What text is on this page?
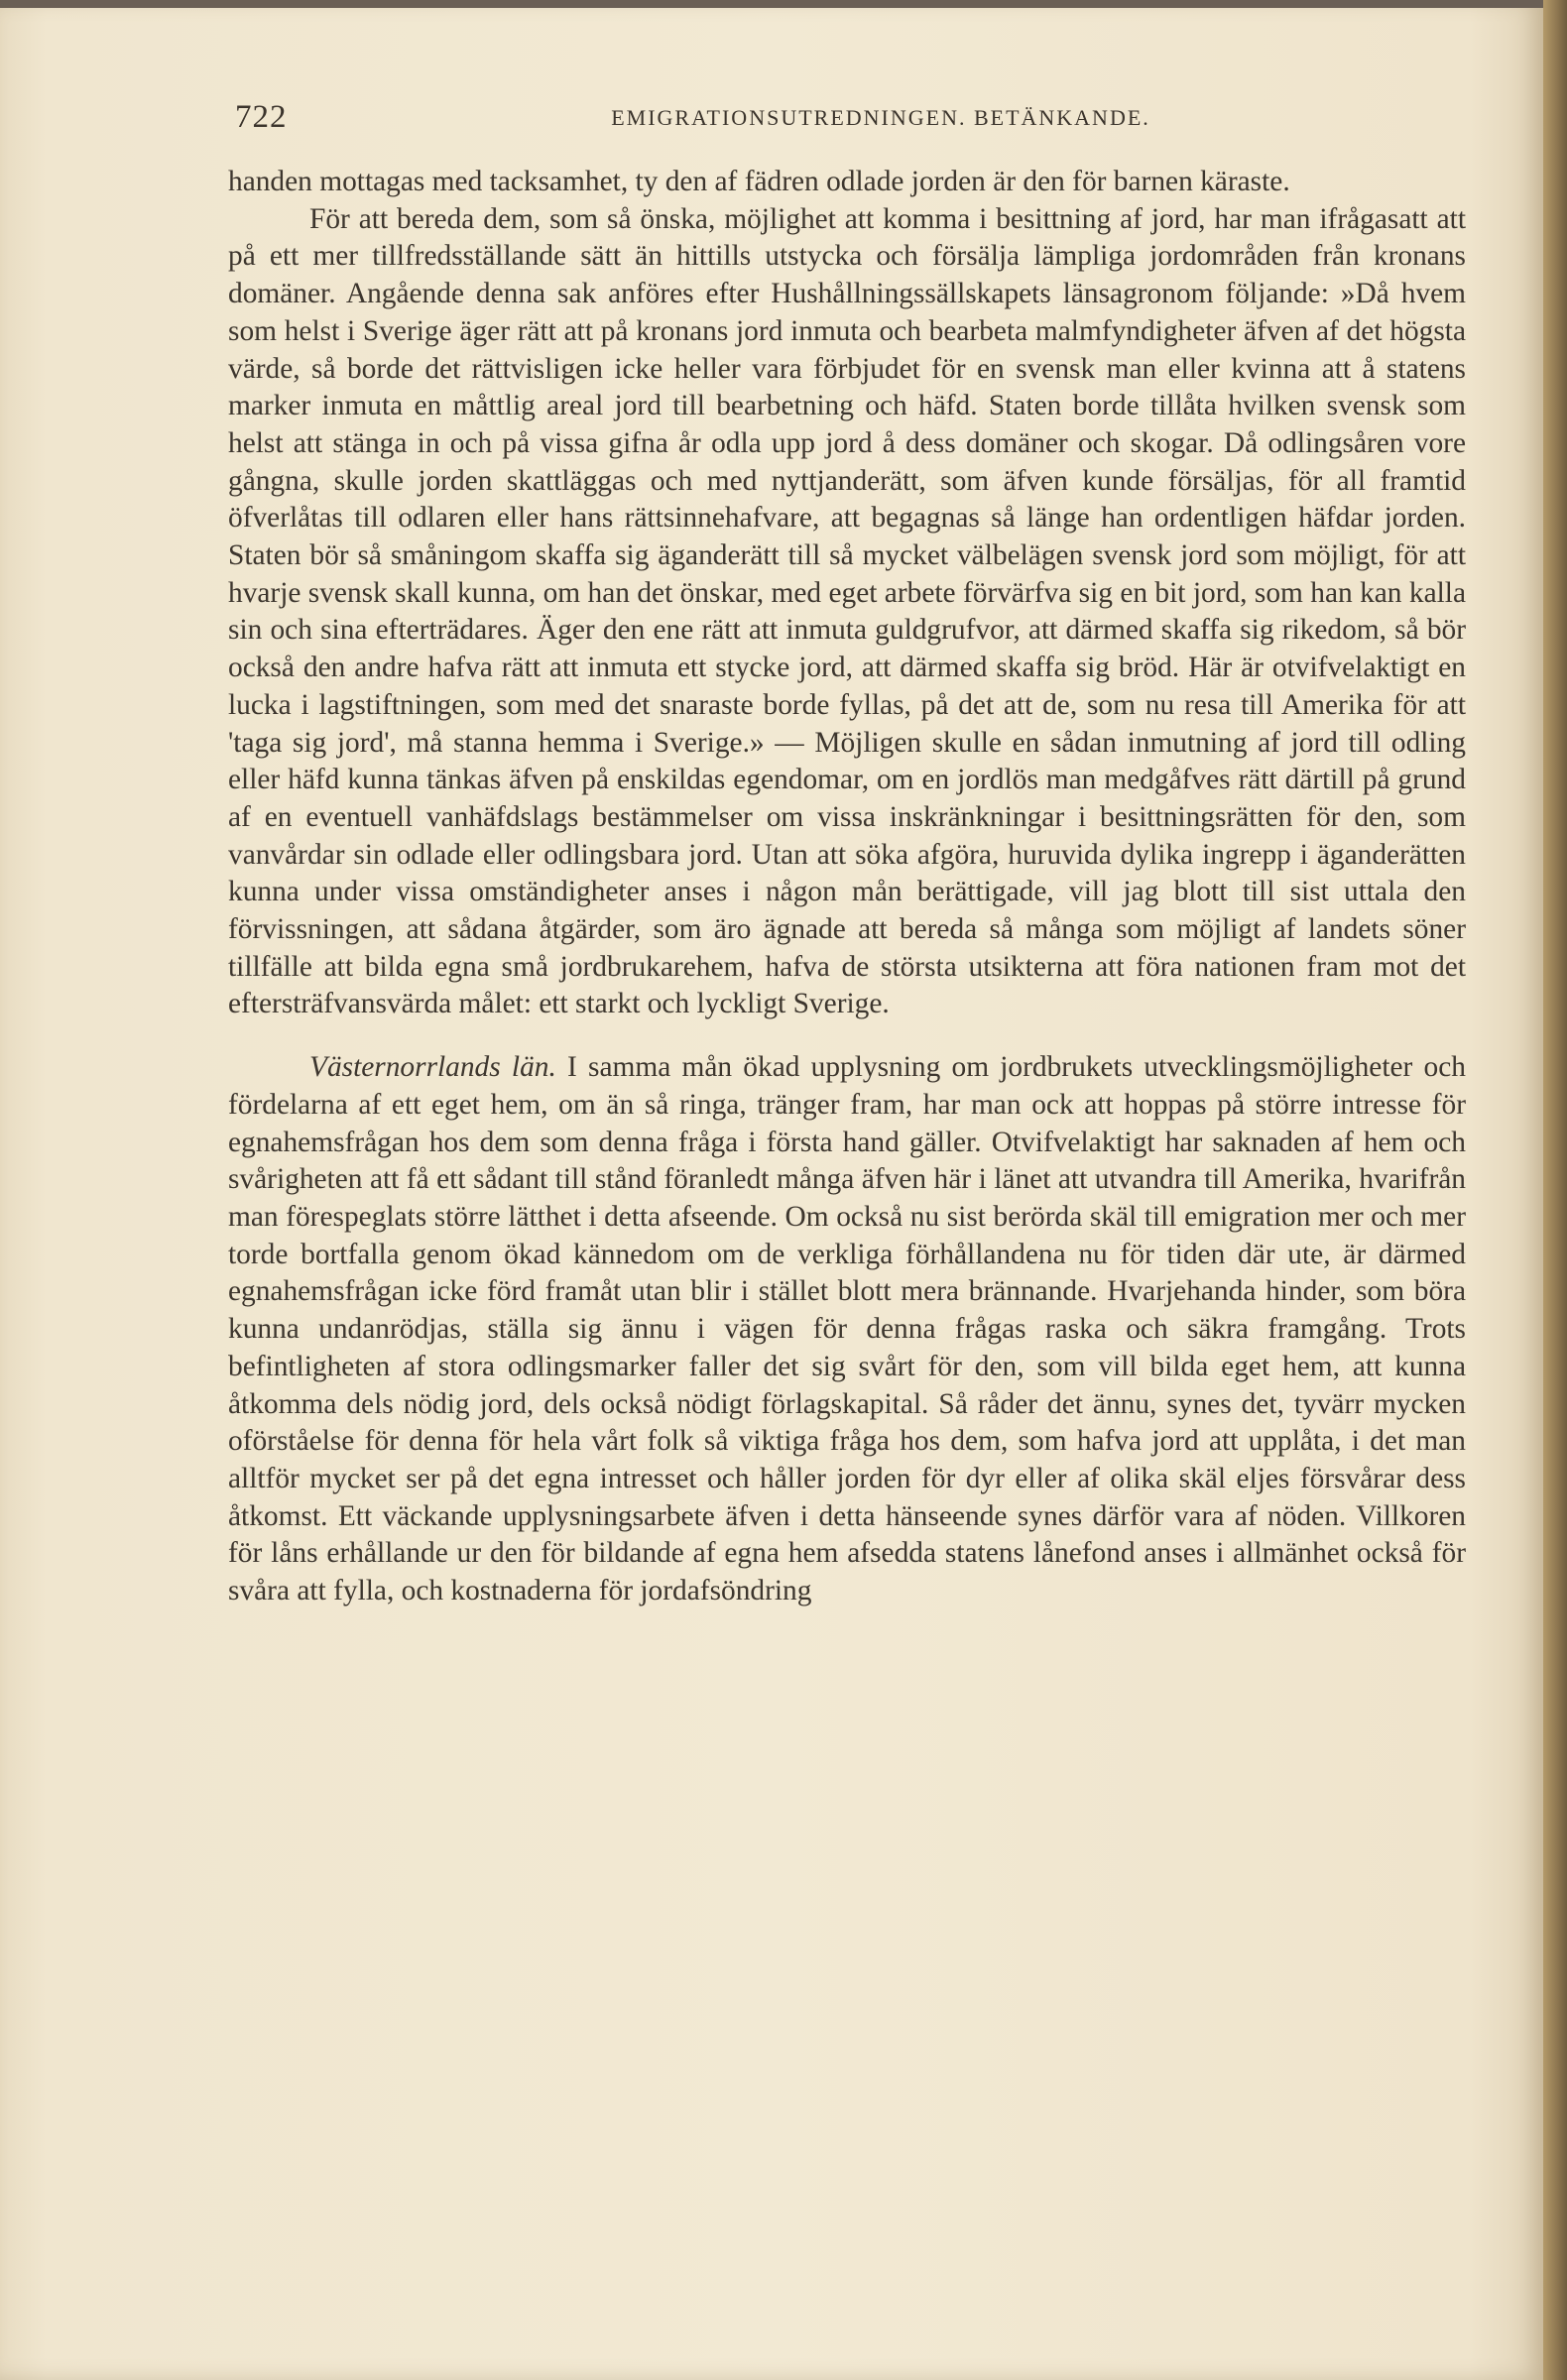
722	EMIGRATIONSUTREDNINGEN. BETÄNKANDE.

handen mottagas med tacksamhet, ty den af fädren odlade jorden är den för barnen käraste.

För att bereda dem, som så önska, möjlighet att komma i besittning af jord, har man ifrågasatt att på ett mer tillfredsställande sätt än hittills utstycka och försälja lämpliga jordområden från kronans domäner. Angående denna sak anföres efter Hushållningssällskapets länsagronom följande: »Då hvem som helst i Sverige äger rätt att på kronans jord inmuta och bearbeta malmfyndigheter äfven af det högsta värde, så borde det rättvisligen icke heller vara förbjudet för en svensk man eller kvinna att å statens marker inmuta en måttlig areal jord till bearbetning och häfd. Staten borde tillåta hvilken svensk som helst att stänga in och på vissa gifna år odla upp jord å dess domäner och skogar. Då odlingsåren vore gångna, skulle jorden skattläggas och med nyttjanderätt, som äfven kunde försäljas, för all framtid öfverlåtas till odlaren eller hans rättsinnehafvare, att begagnas så länge han ordentligen häfdar jorden. Staten bör så småningom skaffa sig äganderätt till så mycket välbelägen svensk jord som möjligt, för att hvarje svensk skall kunna, om han det önskar, med eget arbete förvärfva sig en bit jord, som han kan kalla sin och sina efterträdares. Äger den ene rätt att inmuta guldgrufvor, att därmed skaffa sig rikedom, så bör också den andre hafva rätt att inmuta ett stycke jord, att därmed skaffa sig bröd. Här är otvifvelaktigt en lucka i lagstiftningen, som med det snaraste borde fyllas, på det att de, som nu resa till Amerika för att 'taga sig jord', må stanna hemma i Sverige.» — Möjligen skulle en sådan inmutning af jord till odling eller häfd kunna tänkas äfven på enskildas egendomar, om en jordlös man medgåfves rätt därtill på grund af en eventuell vanhäfdslags bestämmelser om vissa inskränkningar i besittningsrätten för den, som vanvårdar sin odlade eller odlingsbara jord. Utan att söka afgöra, huruvida dylika ingrepp i äganderätten kunna under vissa omständigheter anses i någon mån berättigade, vill jag blott till sist uttala den förvissningen, att sådana åtgärder, som äro ägnade att bereda så många som möjligt af landets söner tillfälle att bilda egna små jordbrukarehem, hafva de största utsikterna att föra nationen fram mot det eftersträfvansvärda målet: ett starkt och lyckligt Sverige.

Västernorrlands län. I samma mån ökad upplysning om jordbrukets utvecklingsmöjligheter och fördelarna af ett eget hem, om än så ringa, tränger fram, har man ock att hoppas på större intresse för egnahemsfrågan hos dem som denna fråga i första hand gäller. Otvifvelaktigt har saknaden af hem och svårigheten att få ett sådant till stånd föranledt många äfven här i länet att utvandra till Amerika, hvarifrån man förespeglats större lätthet i detta afseende. Om också nu sist berörda skäl till emigration mer och mer torde bortfalla genom ökad kännedom om de verkliga förhållandena nu för tiden där ute, är därmed egnahemsfrågan icke förd framåt utan blir i stället blott mera brännande. Hvarjehanda hinder, som böra kunna undanrödjas, ställa sig ännu i vägen för denna frågas raska och säkra framgång. Trots befintligheten af stora odlingsmarker faller det sig svårt för den, som vill bilda eget hem, att kunna åtkomma dels nödig jord, dels också nödigt förlagskapital. Så råder det ännu, synes det, tyvärr mycken oförståelse för denna för hela vårt folk så viktiga fråga hos dem, som hafva jord att upplåta, i det man alltför mycket ser på det egna intresset och håller jorden för dyr eller af olika skäl eljes försvårar dess åtkomst. Ett väckande upplysningsarbete äfven i detta hänseende synes därför vara af nöden. Villkoren för låns erhållande ur den för bildande af egna hem afsedda statens lånefond anses i allmänhet också för svåra att fylla, och kostnaderna för jordafsöndring
